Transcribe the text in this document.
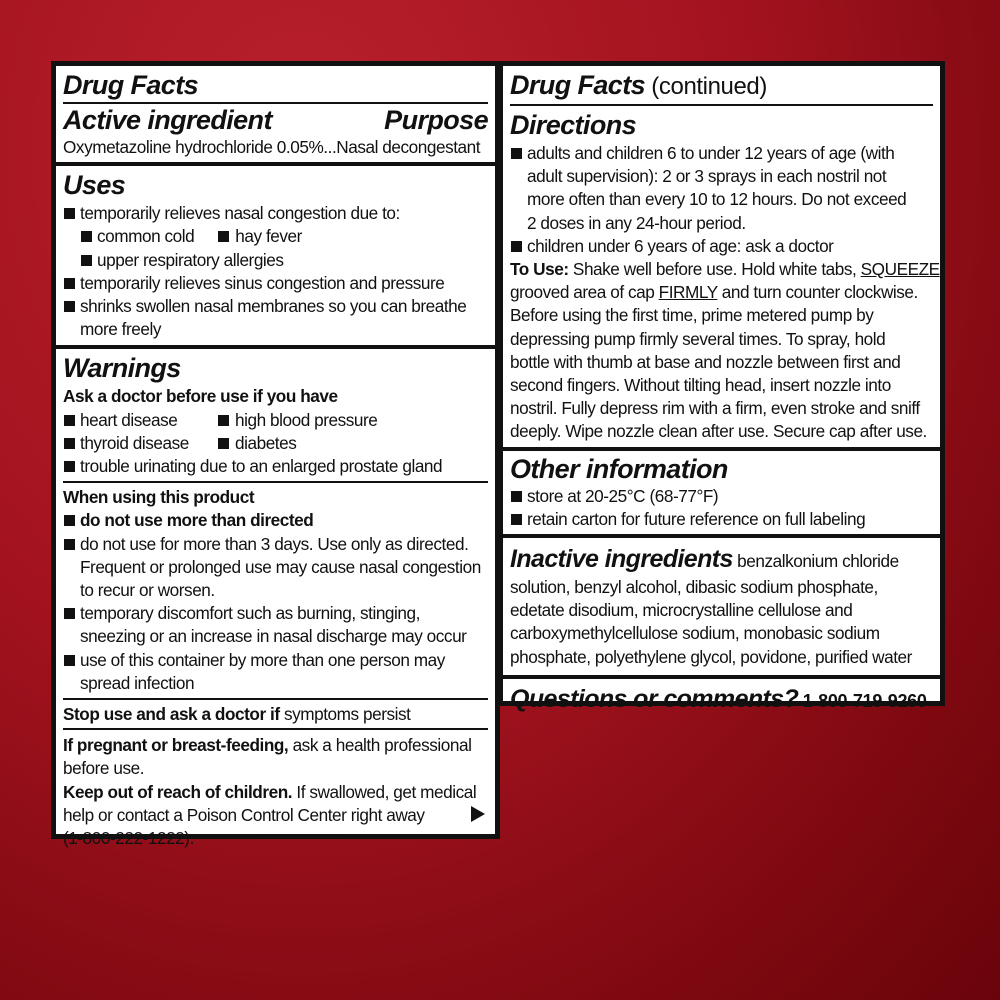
Drug Facts
Active ingredient	Purpose
Oxymetazoline hydrochloride 0.05%...Nasal decongestant
Uses
temporarily relieves nasal congestion due to:
common cold hay fever
upper respiratory allergies
temporarily relieves sinus congestion and pressure
shrinks swollen nasal membranes so you can breathe
more freely
Warnings
Ask a doctor before use if you have
heart disease	high blood pressure
thyroid disease	diabetes
trouble urinating due to an enlarged prostate gland
When using this product
do not use more than directed
do not use for more than 3 days. Use only as directed.
Frequent or prolonged use may cause nasal congestion
to recur or worsen.
temporary discomfort such as burning, stinging,
sneezing or an increase in nasal discharge may occur
use of this container by more than one person may
spread infection
Stop use and ask a doctor if symptoms persist
If pregnant or breast-feeding, ask a health professional
before use.
Keep out of reach of children. If swallowed, get medical
help or contact a Poison Control Center right away
(1-800-222-1222).
Drug Facts (continued)
Directions
adults and children 6 to under 12 years of age (with
adult supervision): 2 or 3 sprays in each nostril not
more often than every 10 to 12 hours. Do not exceed
2 doses in any 24-hour period.
children under 6 years of age: ask a doctor
To Use: Shake well before use. Hold white tabs, SQUEEZE
grooved area of cap FIRMLY and turn counter clockwise.
Before using the first time, prime metered pump by
depressing pump firmly several times. To spray, hold
bottle with thumb at base and nozzle between first and
second fingers. Without tilting head, insert nozzle into
nostril. Fully depress rim with a firm, even stroke and sniff
deeply. Wipe nozzle clean after use. Secure cap after use.
Other information
store at 20-25°C (68-77°F)
retain carton for future reference on full labeling
Inactive ingredients benzalkonium chloride
solution, benzyl alcohol, dibasic sodium phosphate,
edetate disodium, microcrystalline cellulose and
carboxymethylcellulose sodium, monobasic sodium
phosphate, polyethylene glycol, povidone, purified water
Questions or comments? 1-800-719-9260
